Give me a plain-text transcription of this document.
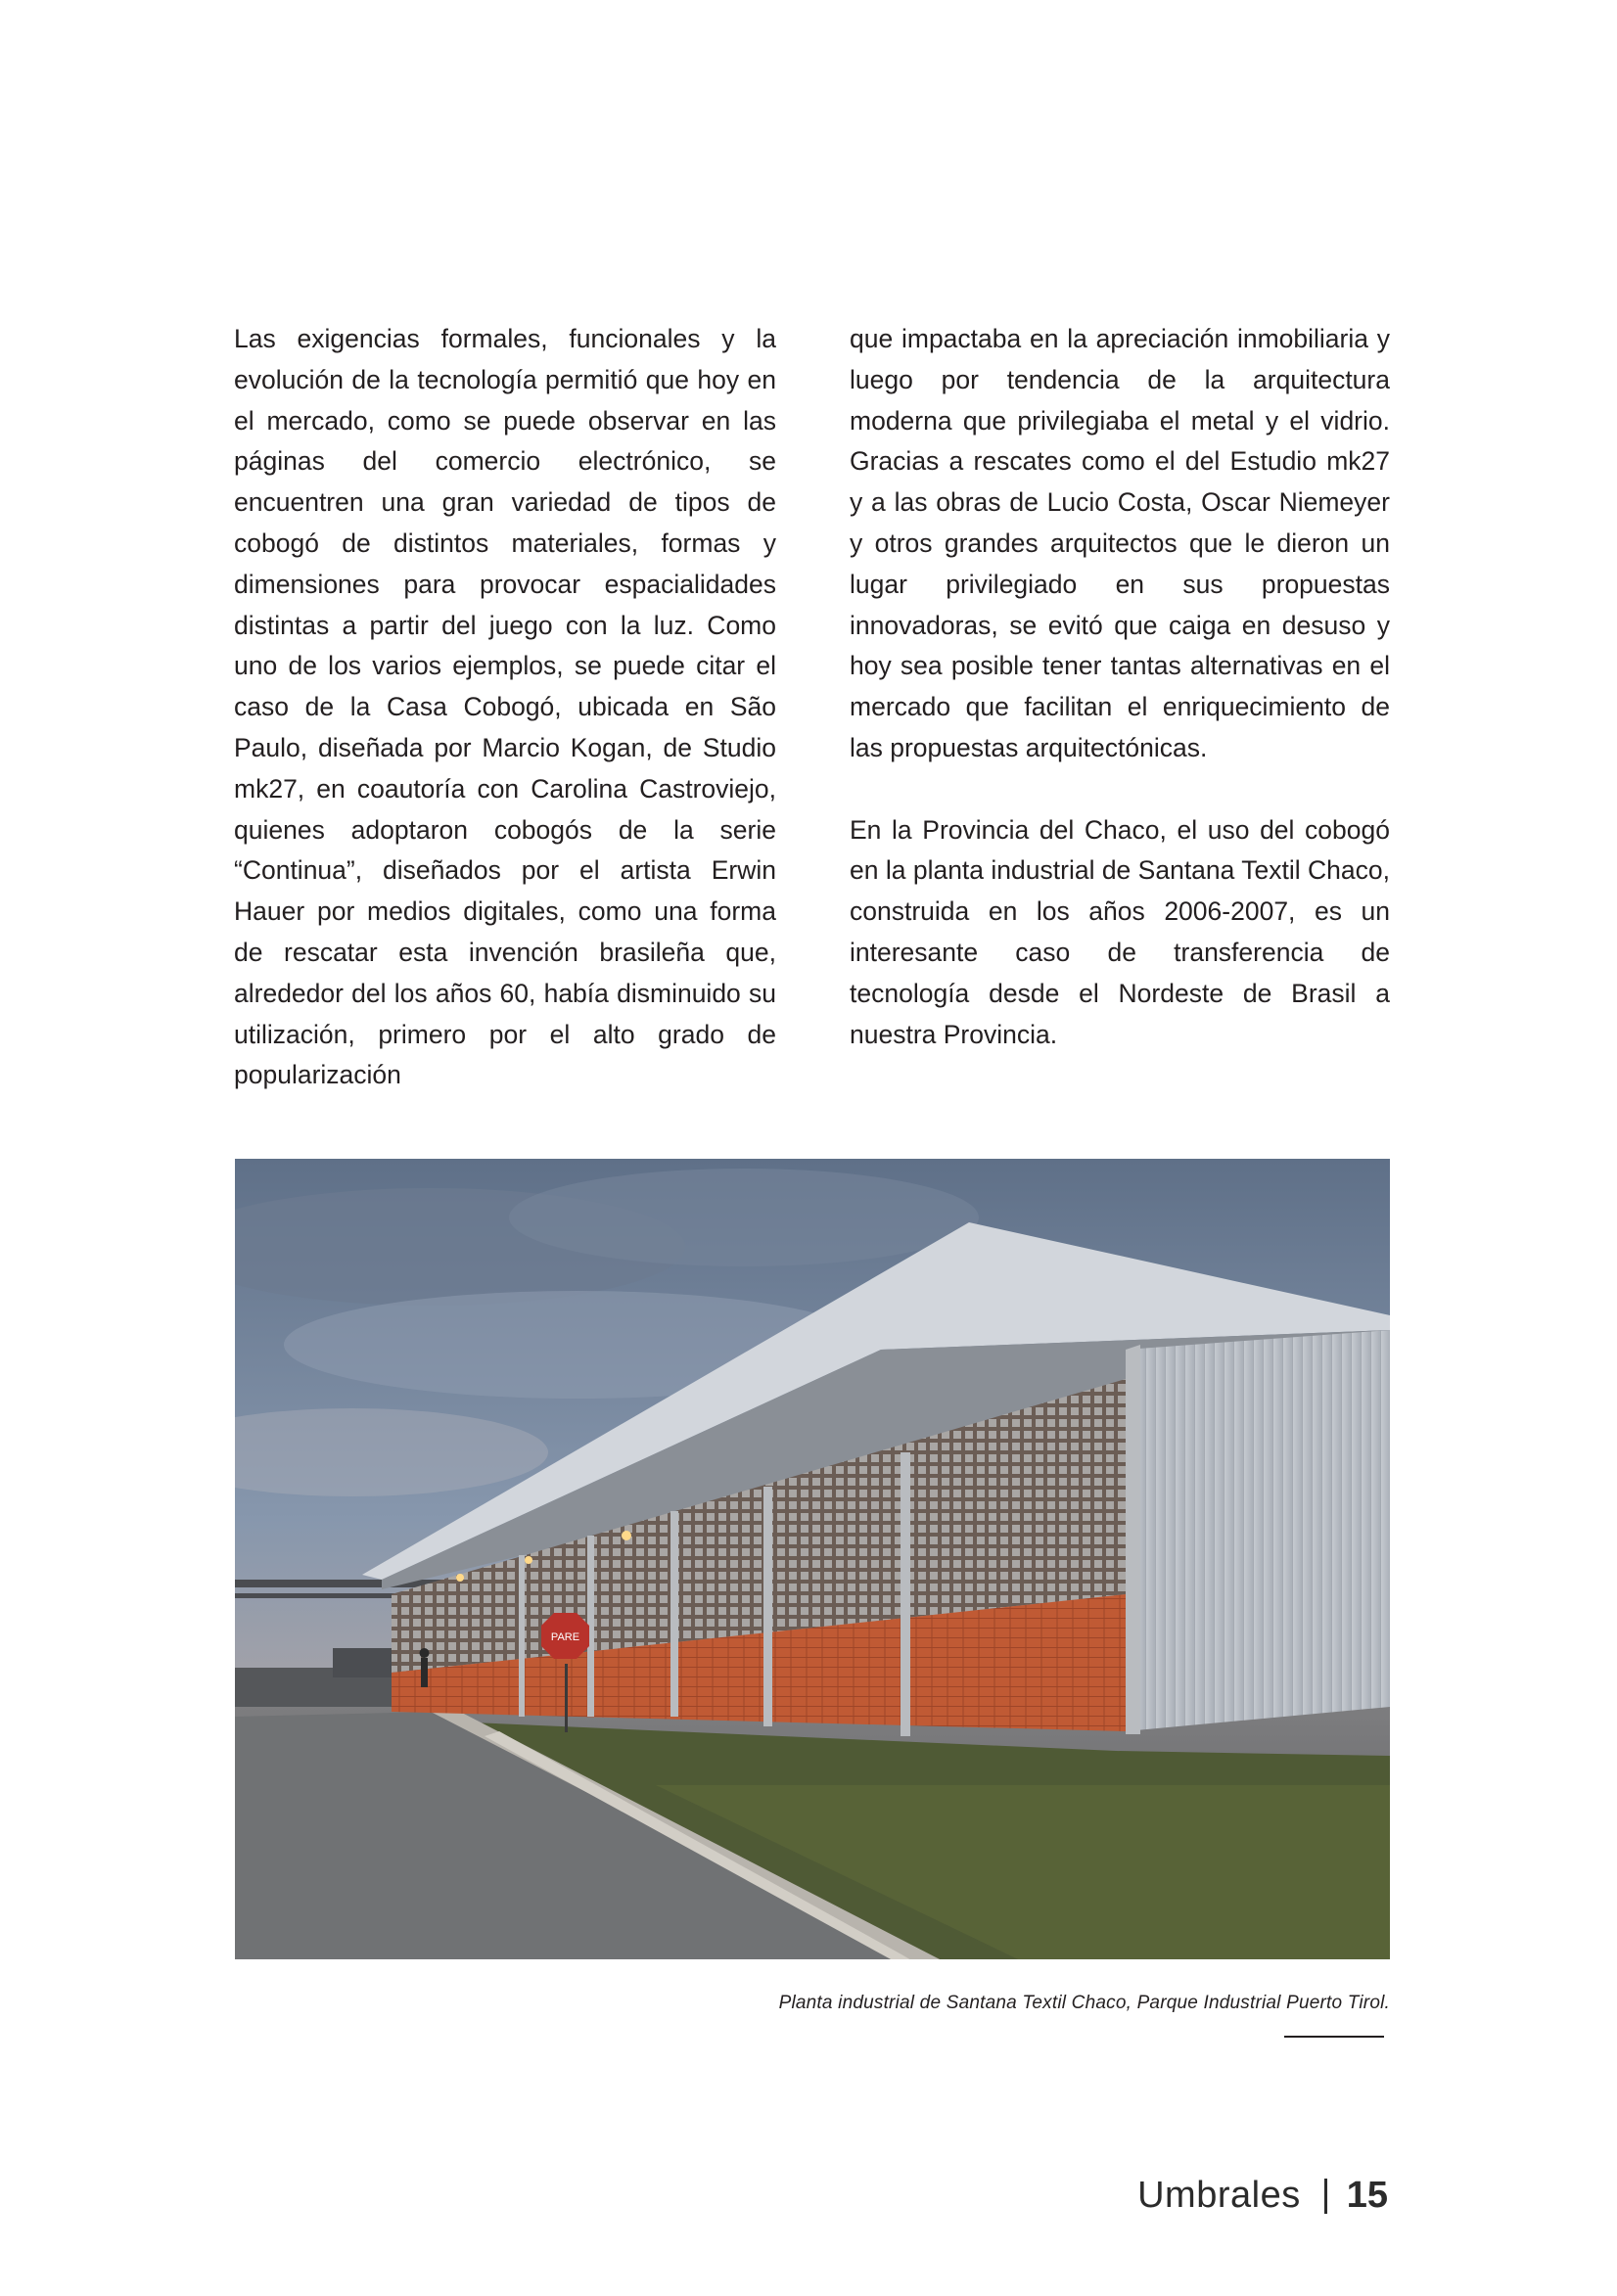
Las exigencias formales, funcionales y la evolución de la tecnología permitió que hoy en el mercado, como se puede observar en las páginas del comercio electrónico, se encuentren una gran variedad de tipos de cobogó de distintos materiales, formas y dimensiones para provocar espacialidades distintas a partir del juego con la luz. Como uno de los varios ejemplos, se puede citar el caso de la Casa Cobogó, ubicada en São Paulo, diseñada por Marcio Kogan, de Studio mk27, en coautoría con Carolina Castroviejo, quienes adoptaron cobogós de la serie “Continua”, diseñados por el artista Erwin Hauer por medios digitales, como una forma de rescatar esta invención brasileña que, alrededor del los años 60, había disminuido su utilización, primero por el alto grado de popularización

que impactaba en la apreciación inmobiliaria y luego por tendencia de la arquitectura moderna que privilegiaba el metal y el vidrio. Gracias a rescates como el del Estudio mk27 y a las obras de Lucio Costa, Oscar Niemeyer y otros grandes arquitectos que le dieron un lugar privilegiado en sus propuestas innovadoras, se evitó que caiga en desuso y hoy sea posible tener tantas alternativas en el mercado que facilitan el enriquecimiento de las propuestas arquitectónicas.

En la Provincia del Chaco, el uso del cobogó en la planta industrial de Santana Textil Chaco, construida en los años 2006-2007, es un interesante caso de transferencia de tecnología desde el Nordeste de Brasil a nuestra Provincia.

PARE
Planta industrial de Santana Textil Chaco, Parque Industrial Puerto Tirol.
Umbrales 15
